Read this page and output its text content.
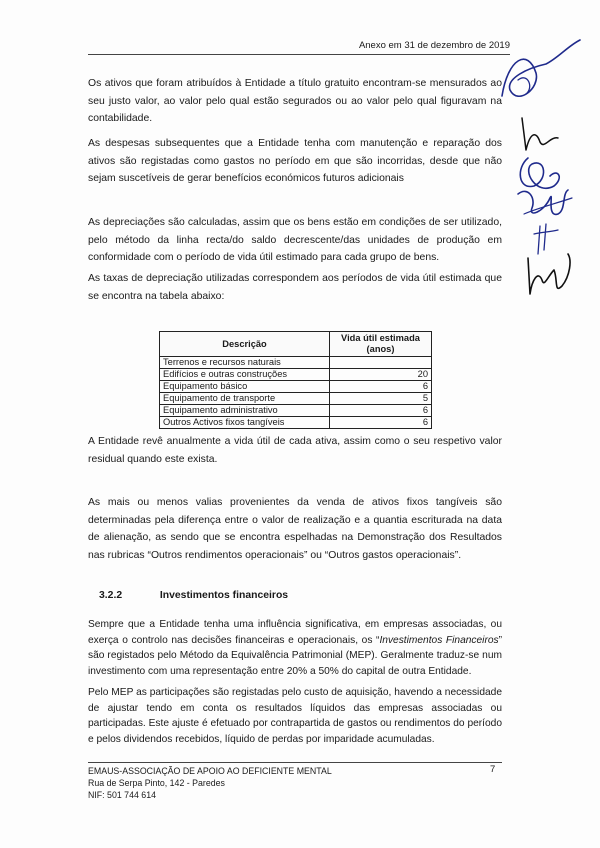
Anexo em 31 de dezembro de 2019

Os ativos que foram atribuídos à Entidade a título gratuito encontram-se mensurados ao seu justo valor, ao valor pelo qual estão segurados ou ao valor pelo qual figuravam na contabilidade.

As despesas subsequentes que a Entidade tenha com manutenção e reparação dos ativos são registadas como gastos no período em que são incorridas, desde que não sejam suscetíveis de gerar benefícios económicos futuros adicionais

As depreciações são calculadas, assim que os bens estão em condições de ser utilizado, pelo método da linha recta/do saldo decrescente/das unidades de produção em conformidade com o período de vida útil estimado para cada grupo de bens.

As taxas de depreciação utilizadas correspondem aos períodos de vida útil estimada que se encontra na tabela abaixo:

Descrição	Vida útil estimada (anos)
Terrenos e recursos naturais	
Edifícios e outras construções	20
Equipamento básico	6
Equipamento de transporte	5
Equipamento administrativo	6
Outros Activos fixos tangíveis	6

A Entidade revê anualmente a vida útil de cada ativa, assim como o seu respetivo valor residual quando este exista.

As mais ou menos valias provenientes da venda de ativos fixos tangíveis são determinadas pela diferença entre o valor de realização e a quantia escriturada na data de alienação, as sendo que se encontra espelhadas na Demonstração dos Resultados nas rubricas “Outros rendimentos operacionais” ou “Outros gastos operacionais”.

3.2.2	Investimentos financeiros

Sempre que a Entidade tenha uma influência significativa, em empresas associadas, ou exerça o controlo nas decisões financeiras e operacionais, os “Investimentos Financeiros” são registados pelo Método da Equivalência Patrimonial (MEP). Geralmente traduz-se num investimento com uma representação entre 20% a 50% do capital de outra Entidade.

Pelo MEP as participações são registadas pelo custo de aquisição, havendo a necessidade de ajustar tendo em conta os resultados líquidos das empresas associadas ou participadas. Este ajuste é efetuado por contrapartida de gastos ou rendimentos do período e pelos dividendos recebidos, líquido de perdas por imparidade acumuladas.

EMAUS-ASSOCIAÇÃO DE APOIO AO DEFICIENTE MENTAL
Rua de Serpa Pinto, 142 - Paredes
NIF: 501 744 614
7
